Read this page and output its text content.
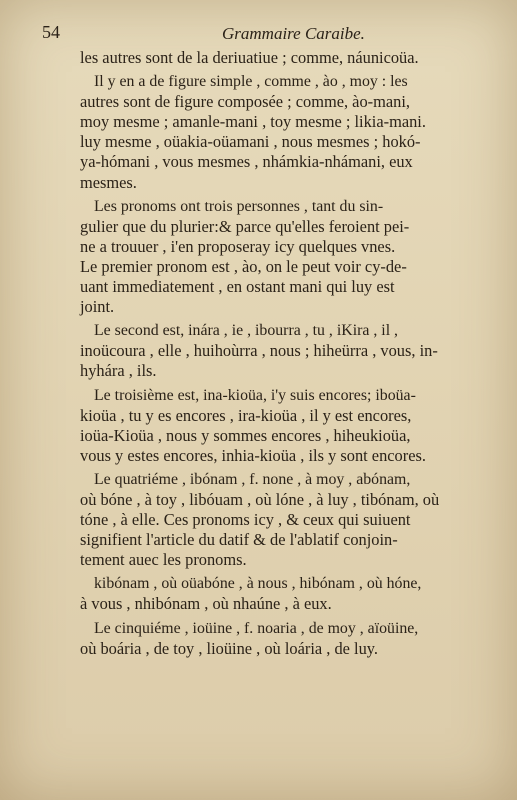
54	Grammaire Caraibe.

les autres sont de la deriuatiue ; comme, náunicoüa.

Il y en a de figure simple , comme , ào , moy : les
autres sont de figure composée ; comme, ào-mani,
moy mesme ; amanle-mani , toy mesme ; likia-mani.
luy mesme , oüakia-oüamani , nous mesmes ; hokó-
ya-hómani , vous mesmes , nhámkia-nhámani, eux
mesmes.

Les pronoms ont trois personnes , tant du sin-
gulier que du plurier:& parce qu'elles feroient pei-
ne a trouuer , i'en proposeray icy quelques vnes.
Le premier pronom est , ào, on le peut voir cy-de-
uant immediatement , en ostant mani qui luy est
joint.

Le second est, inára , ie , ibourra , tu , iKira , il ,
inoücoura , elle , huihoùrra , nous ; hiheürra , vous, in-
hyhára , ils.

Le troisième est, ina-kioüa, i'y suis encores; iboüa-
kioüa , tu y es encores , ira-kioüa , il y est encores,
ioüa-Kioüa , nous y sommes encores , hiheukioüa,
vous y estes encores, inhia-kioüa , ils y sont encores.

Le quatriéme , ibónam , f. none , à moy , abónam,
où bóne , à toy , libóuam , où lóne , à luy , tibónam, où
tóne , à elle. Ces pronoms icy , & ceux qui suiuent
signifient l'article du datif & de l'ablatif conjoin-
tement auec les pronoms.

kibónam , où oüabóne , à nous , hibónam , où hóne,
à vous , nhibónam , où nhaúne , à eux.

Le cinquiéme , ioüine , f. noaria , de moy , aïoüine,
où boária , de toy , lioüine , où loária , de luy.
